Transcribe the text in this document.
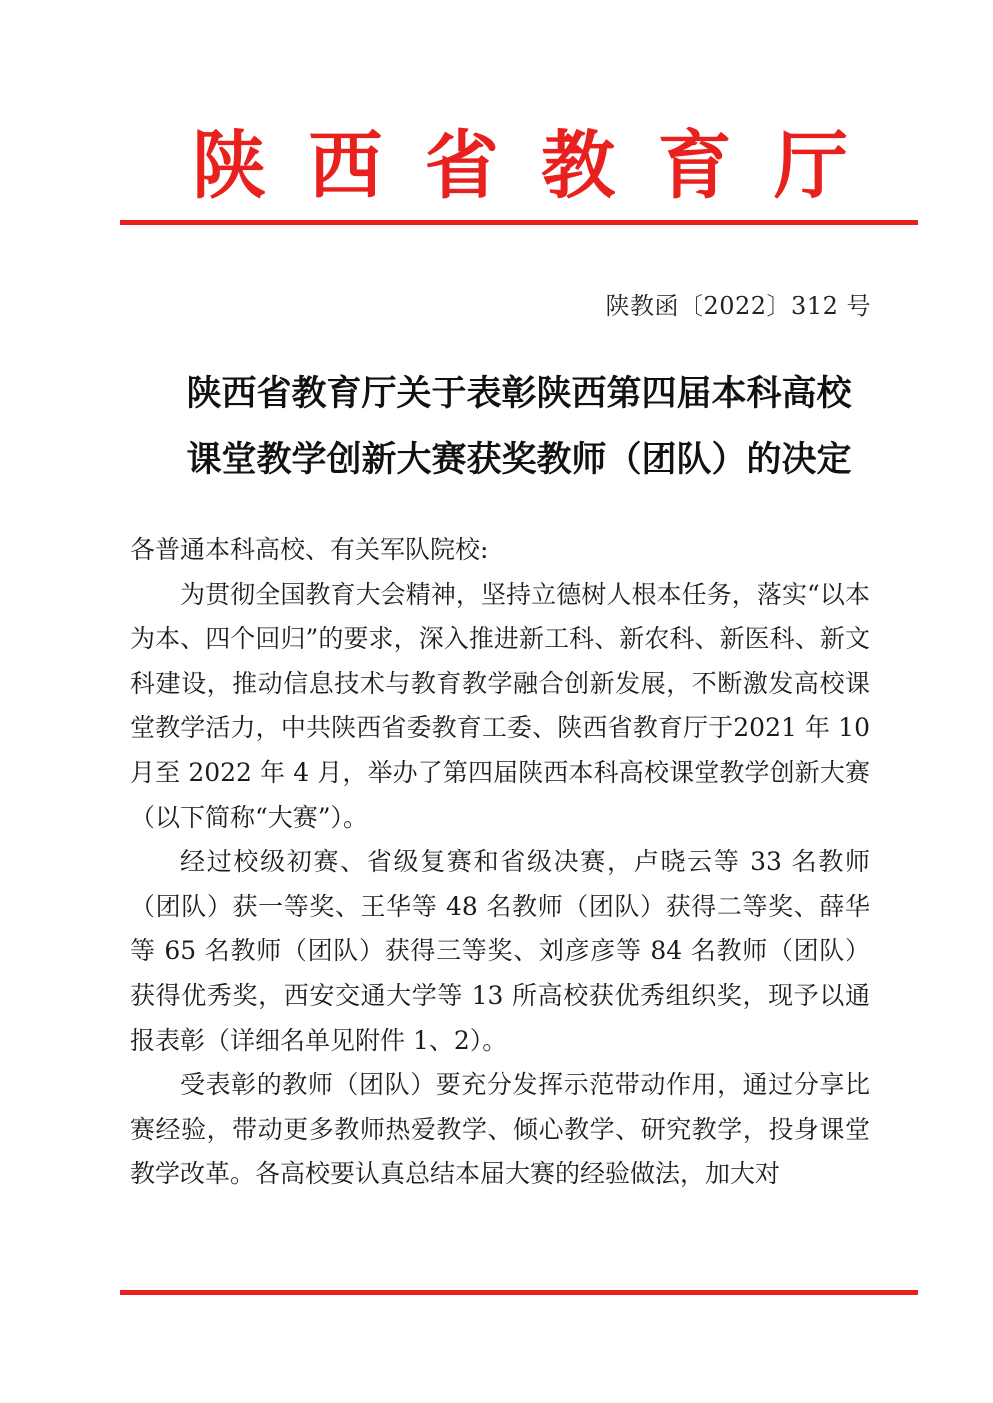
陕 西 省 教 育 厅
陕教函〔2022〕312 号
陕西省教育厅关于表彰陕西第四届本科高校
课堂教学创新大赛获奖教师（团队）的决定

各普通本科高校、有关军队院校:

为贯彻全国教育大会精神，坚持立德树人根本任务，落实“以本为本、四个回归”的要求，深入推进新工科、新农科、新医科、新文科建设，推动信息技术与教育教学融合创新发展，不断激发高校课堂教学活力，中共陕西省委教育工委、陕西省教育厅于2021 年 10 月至 2022 年 4 月，举办了第四届陕西本科高校课堂教学创新大赛（以下简称“大赛”）。

经过校级初赛、省级复赛和省级决赛，卢晓云等 33 名教师（团队）获一等奖、王华等 48 名教师（团队）获得二等奖、薛华等 65 名教师（团队）获得三等奖、刘彦彦等 84 名教师（团队）获得优秀奖，西安交通大学等 13 所高校获优秀组织奖，现予以通报表彰（详细名单见附件 1、2）。

受表彰的教师（团队）要充分发挥示范带动作用，通过分享比赛经验，带动更多教师热爱教学、倾心教学、研究教学，投身课堂教学改革。各高校要认真总结本届大赛的经验做法，加大对
